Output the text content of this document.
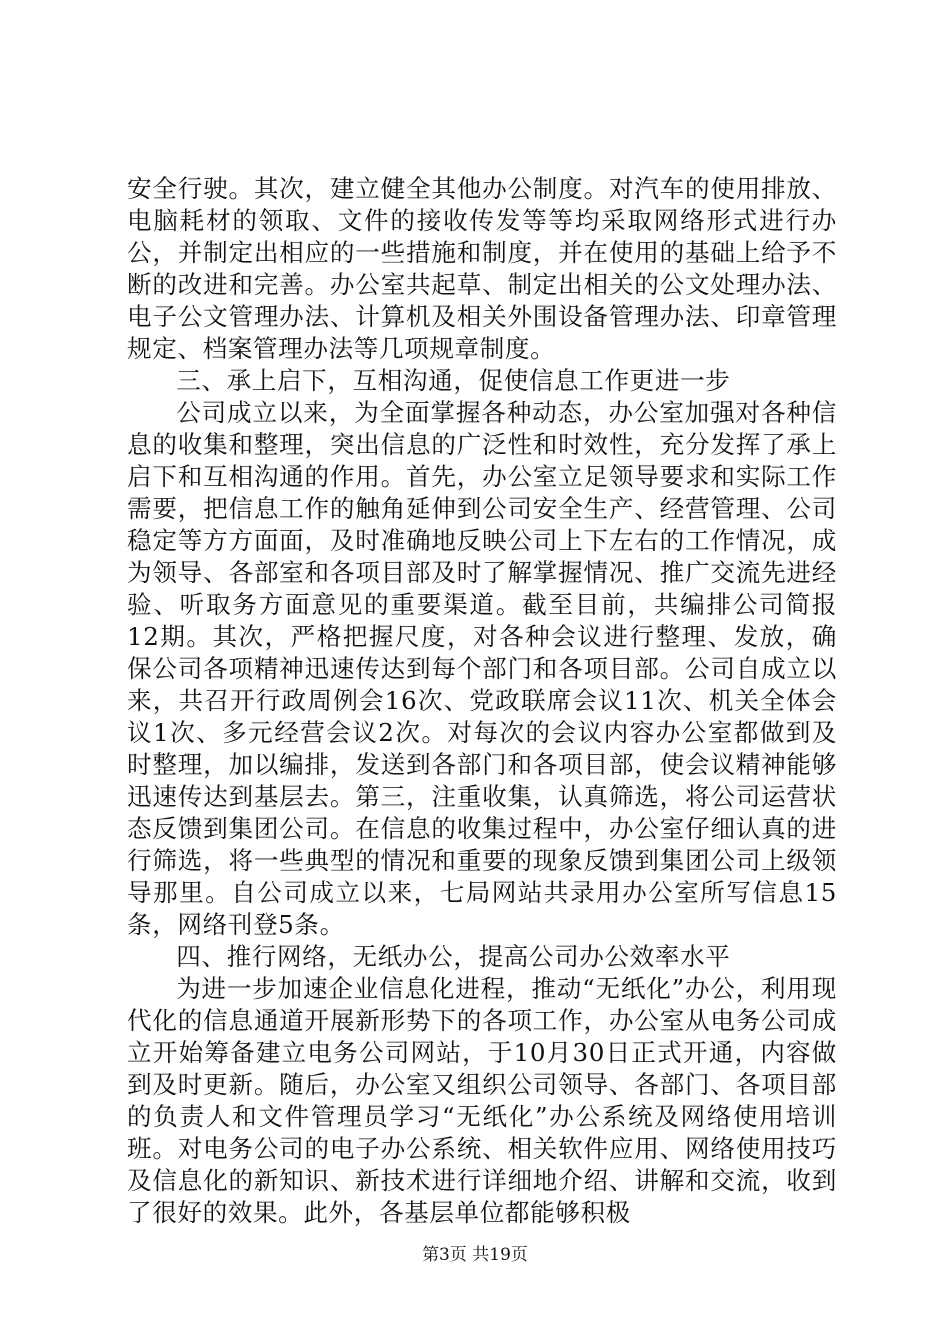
安全行驶。其次，建立健全其他办公制度。对汽车的使用排放、电脑耗材的领取、文件的接收传发等等均采取网络形式进行办公，并制定出相应的一些措施和制度，并在使用的基础上给予不断的改进和完善。办公室共起草、制定出相关的公文处理办法、电子公文管理办法、计算机及相关外围设备管理办法、印章管理规定、档案管理办法等几项规章制度。

三、承上启下，互相沟通，促使信息工作更进一步

公司成立以来，为全面掌握各种动态，办公室加强对各种信息的收集和整理，突出信息的广泛性和时效性，充分发挥了承上启下和互相沟通的作用。首先，办公室立足领导要求和实际工作需要，把信息工作的触角延伸到公司安全生产、经营管理、公司稳定等方方面面，及时准确地反映公司上下左右的工作情况，成为领导、各部室和各项目部及时了解掌握情况、推广交流先进经验、听取务方面意见的重要渠道。截至目前，共编排公司简报12期。其次，严格把握尺度，对各种会议进行整理、发放，确保公司各项精神迅速传达到每个部门和各项目部。公司自成立以来，共召开行政周例会16次、党政联席会议11次、机关全体会议1次、多元经营会议2次。对每次的会议内容办公室都做到及时整理，加以编排，发送到各部门和各项目部，使会议精神能够迅速传达到基层去。第三，注重收集，认真筛选，将公司运营状态反馈到集团公司。在信息的收集过程中，办公室仔细认真的进行筛选，将一些典型的情况和重要的现象反馈到集团公司上级领导那里。自公司成立以来，七局网站共录用办公室所写信息15条，网络刊登5条。

四、推行网络，无纸办公，提高公司办公效率水平

为进一步加速企业信息化进程，推动“无纸化”办公，利用现代化的信息通道开展新形势下的各项工作，办公室从电务公司成立开始筹备建立电务公司网站，于10月30日正式开通，内容做到及时更新。随后，办公室又组织公司领导、各部门、各项目部的负责人和文件管理员学习“无纸化”办公系统及网络使用培训班。对电务公司的电子办公系统、相关软件应用、网络使用技巧及信息化的新知识、新技术进行详细地介绍、讲解和交流，收到了很好的效果。此外，各基层单位都能够积极

第3页 共19页
